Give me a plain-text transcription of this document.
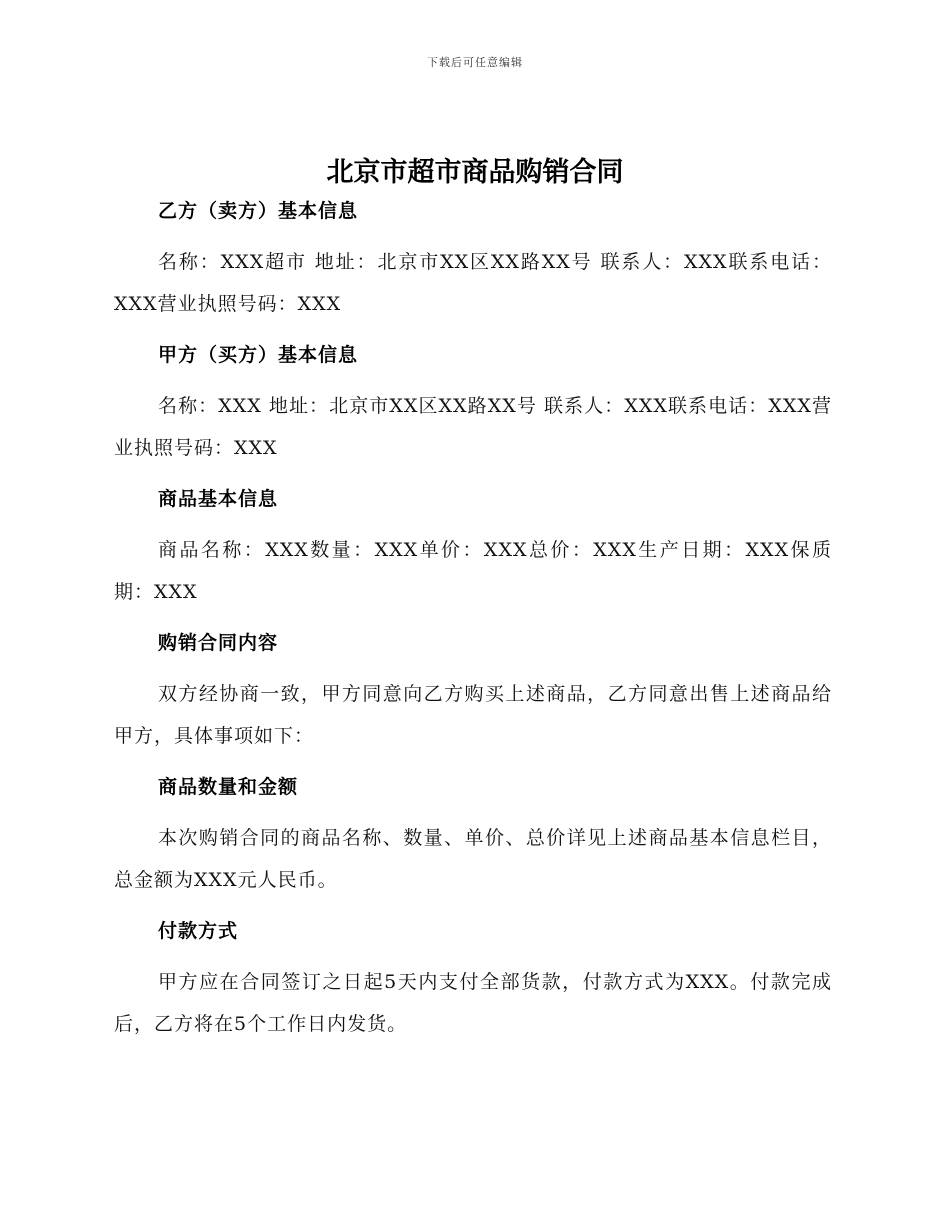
下载后可任意编辑
北京市超市商品购销合同
乙方（卖方）基本信息

名称：XXX超市 地址：北京市XX区XX路XX号 联系人：XXX联系电话：XXX营业执照号码：XXX

甲方（买方）基本信息

名称：XXX 地址：北京市XX区XX路XX号 联系人：XXX联系电话：XXX营业执照号码：XXX

商品基本信息

商品名称：XXX数量：XXX单价：XXX总价：XXX生产日期：XXX保质期：XXX

购销合同内容

双方经协商一致，甲方同意向乙方购买上述商品，乙方同意出售上述商品给甲方，具体事项如下：

商品数量和金额

本次购销合同的商品名称、数量、单价、总价详见上述商品基本信息栏目，总金额为XXX元人民币。

付款方式

甲方应在合同签订之日起5天内支付全部货款，付款方式为XXX。付款完成后，乙方将在5个工作日内发货。
